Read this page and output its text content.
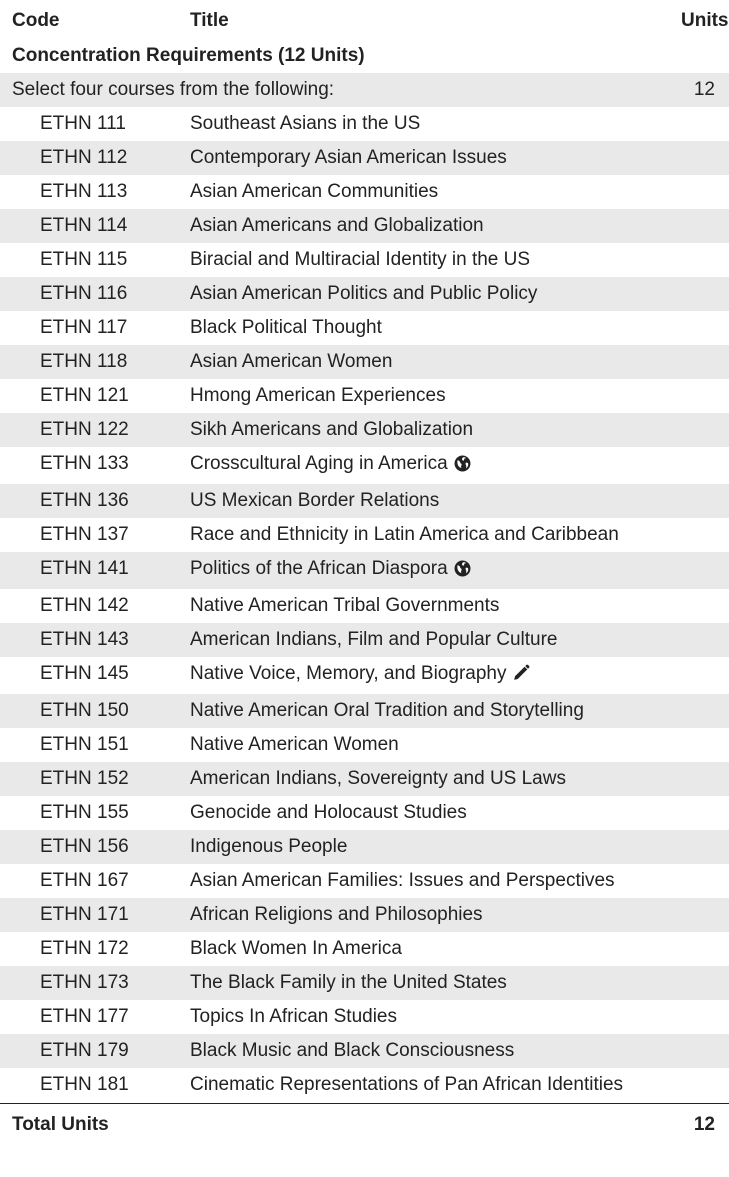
Code	Title	Units
Concentration Requirements (12 Units)		
Select four courses from the following:		12
ETHN 111	Southeast Asians in the US	
ETHN 112	Contemporary Asian American Issues	
ETHN 113	Asian American Communities	
ETHN 114	Asian Americans and Globalization	
ETHN 115	Biracial and Multiracial Identity in the US	
ETHN 116	Asian American Politics and Public Policy	
ETHN 117	Black Political Thought	
ETHN 118	Asian American Women	
ETHN 121	Hmong American Experiences	
ETHN 122	Sikh Americans and Globalization	
ETHN 133	Crosscultural Aging in America	
ETHN 136	US Mexican Border Relations	
ETHN 137	Race and Ethnicity in Latin America and Caribbean	
ETHN 141	Politics of the African Diaspora	
ETHN 142	Native American Tribal Governments	
ETHN 143	American Indians, Film and Popular Culture	
ETHN 145	Native Voice, Memory, and Biography	
ETHN 150	Native American Oral Tradition and Storytelling	
ETHN 151	Native American Women	
ETHN 152	American Indians, Sovereignty and US Laws	
ETHN 155	Genocide and Holocaust Studies	
ETHN 156	Indigenous People	
ETHN 167	Asian American Families: Issues and Perspectives	
ETHN 171	African Religions and Philosophies	
ETHN 172	Black Women In America	
ETHN 173	The Black Family in the United States	
ETHN 177	Topics In African Studies	
ETHN 179	Black Music and Black Consciousness	
ETHN 181	Cinematic Representations of Pan African Identities	
Total Units		12
